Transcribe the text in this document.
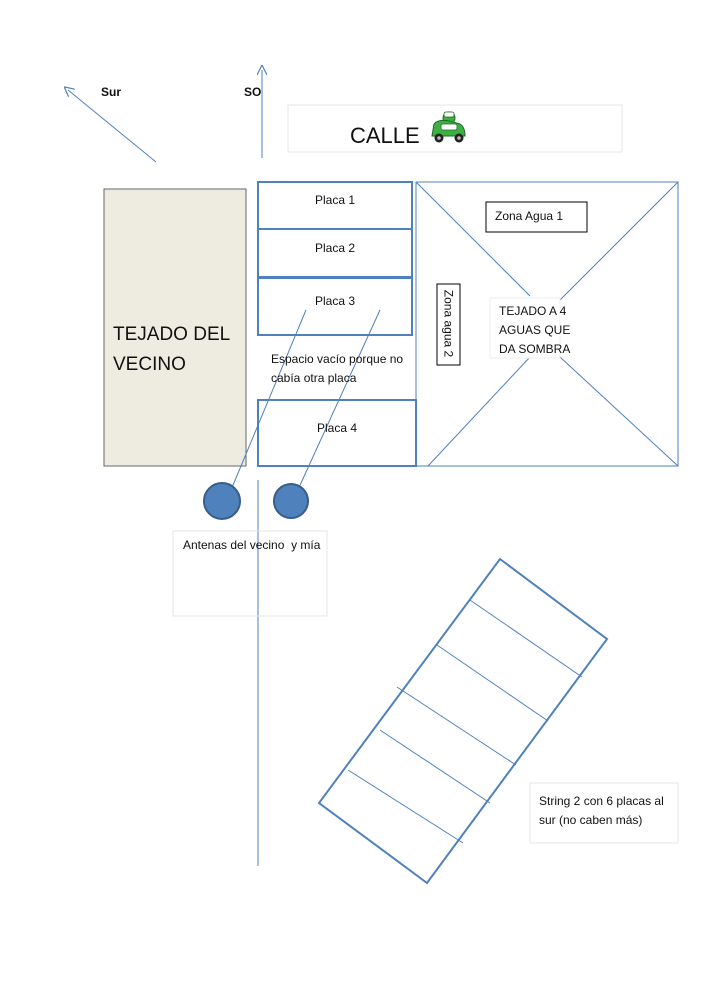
Sur	SO
CALLE
TEJADO DEL
VECINO
Placa 1
Placa 2
Placa 3
Placa 4
Espacio vacío porque no
cabía otra placa
Zona Agua 1
Zona agua 2	TEJADO A 4
AGUAS QUE
DA SOMBRA
Antenas del vecino  y mía
String 2 con 6 placas al
sur (no caben más)
